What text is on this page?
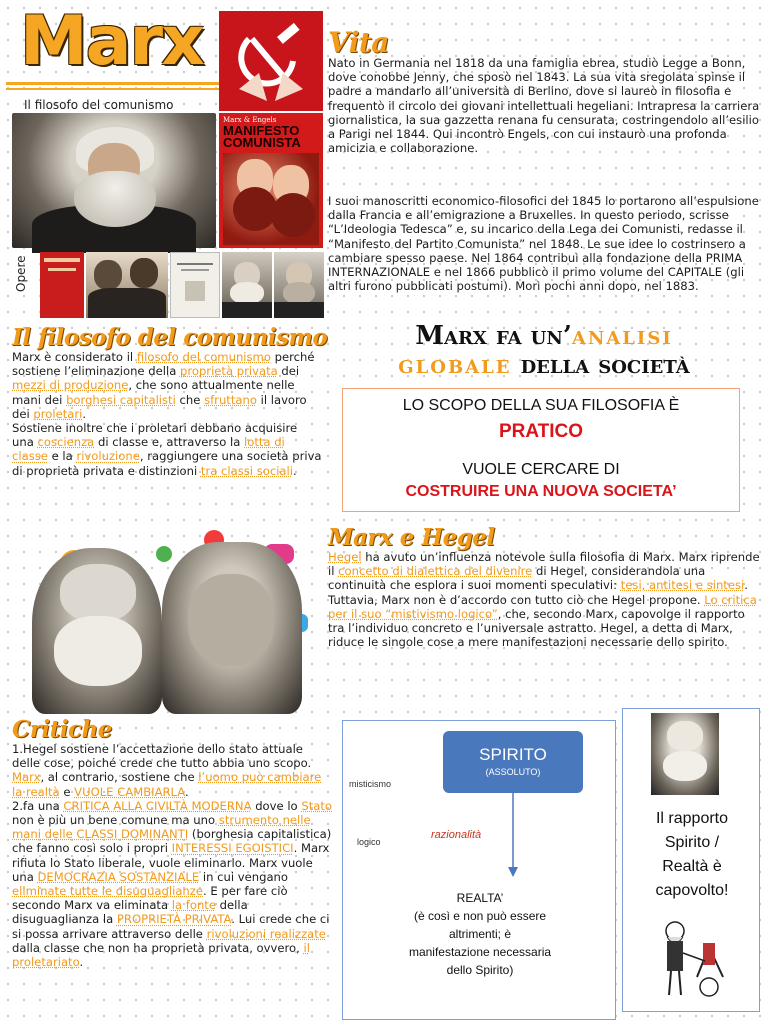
Marx
Il filosofo del comunismo
Marx & Engels
MANIFESTO COMUNISTA
Opere
Vita
Nato in Germania nel 1818 da una famiglia ebrea, studiò Legge a Bonn, dove conobbe Jenny, che sposò nel 1843. La sua vita sregolata spinse il padre a mandarlo all’università di Berlino, dove si laureò in filosofia e frequentò il circolo dei giovani intellettuali hegeliani. Intrapresa la carriera giornalistica, la sua gazzetta renana fu censurata, costringendolo all’esilio a Parigi nel 1844. Qui incontrò Engels, con cui instaurò una profonda amicizia e collaborazione.
I suoi manoscritti economico-filosofici del 1845 lo portarono all’espulsione dalla Francia e all’emigrazione a Bruxelles. In questo periodo, scrisse “L’Ideologia Tedesca” e, su incarico della Lega dei Comunisti, redasse il “Manifesto del Partito Comunista” nel 1848. Le sue idee lo costrinsero a cambiare spesso paese. Nel 1864 contribuì alla fondazione della PRIMA INTERNAZIONALE e nel 1866 pubblicò il primo volume del CAPITALE (gli altri furono pubblicati postumi). Morì pochi anni dopo, nel 1883.
Il filosofo del comunismo
Marx è considerato il filosofo del comunismo perché sostiene l’eliminazione della proprietà privata dei mezzi di produzione, che sono attualmente nelle mani dei borghesi capitalisti che sfruttano il lavoro dei proletari.
Sostiene inoltre che i proletari debbano acquisire una coscienza di classe e, attraverso la lotta di classe e la rivoluzione, raggiungere una società priva di proprietà privata e distinzioni tra classi sociali.
Marx fa un’analisi
globale della società
LO SCOPO DELLA SUA FILOSOFIA È
PRATICO
VUOLE CERCARE DI
COSTRUIRE UNA NUOVA SOCIETA’
Marx e Hegel
Hegel ha avuto un’influenza notevole sulla filosofia di Marx. Marx riprende il concetto di dialettica del divenire di Hegel, considerandola una continuità che esplora i suoi momenti speculativi: tesi, antitesi e sintesi. Tuttavia, Marx non è d’accordo con tutto ciò che Hegel propone. Lo critica per il suo “mistivismo logico”, che, secondo Marx, capovolge il rapporto tra l’individuo concreto e l’universale astratto. Hegel, a detta di Marx, riduce le singole cose a mere manifestazioni necessarie dello spirito.
Critiche
1.Hegel sostiene l’accettazione dello stato attuale delle cose, poiché crede che tutto abbia uno scopo. Marx, al contrario, sostiene che l’uomo può cambiare la realtà e VUOLE CAMBIARLA.
2.fa una CRITICA ALLA CIVILTÀ MODERNA dove lo Stato non è più un bene comune ma uno strumento nelle mani delle CLASSI DOMINANTI (borghesia capitalistica) che fanno così solo i propri INTERESSI EGOISTICI. Marx rifiuta lo Stato liberale, vuole eliminarlo. Marx vuole una DEMOCRAZIA SOSTANZIALE in cui vengano eliminate tutte le disuguaglianze. E per fare ciò secondo Marx va eliminata la fonte della disuguaglianza la PROPRIETÀ PRIVATA. Lui crede che ci si possa arrivare attraverso delle rivoluzioni realizzate dalla classe che non ha proprietà privata, ovvero, il proletariato.
SPIRITO
(ASSOLUTO)
misticismo
logico
razionalità
REALTA’
(è così e non può essere
altrimenti; è
manifestazione necessaria
dello Spirito)
Il rapporto
Spirito /
Realtà è
capovolto!
